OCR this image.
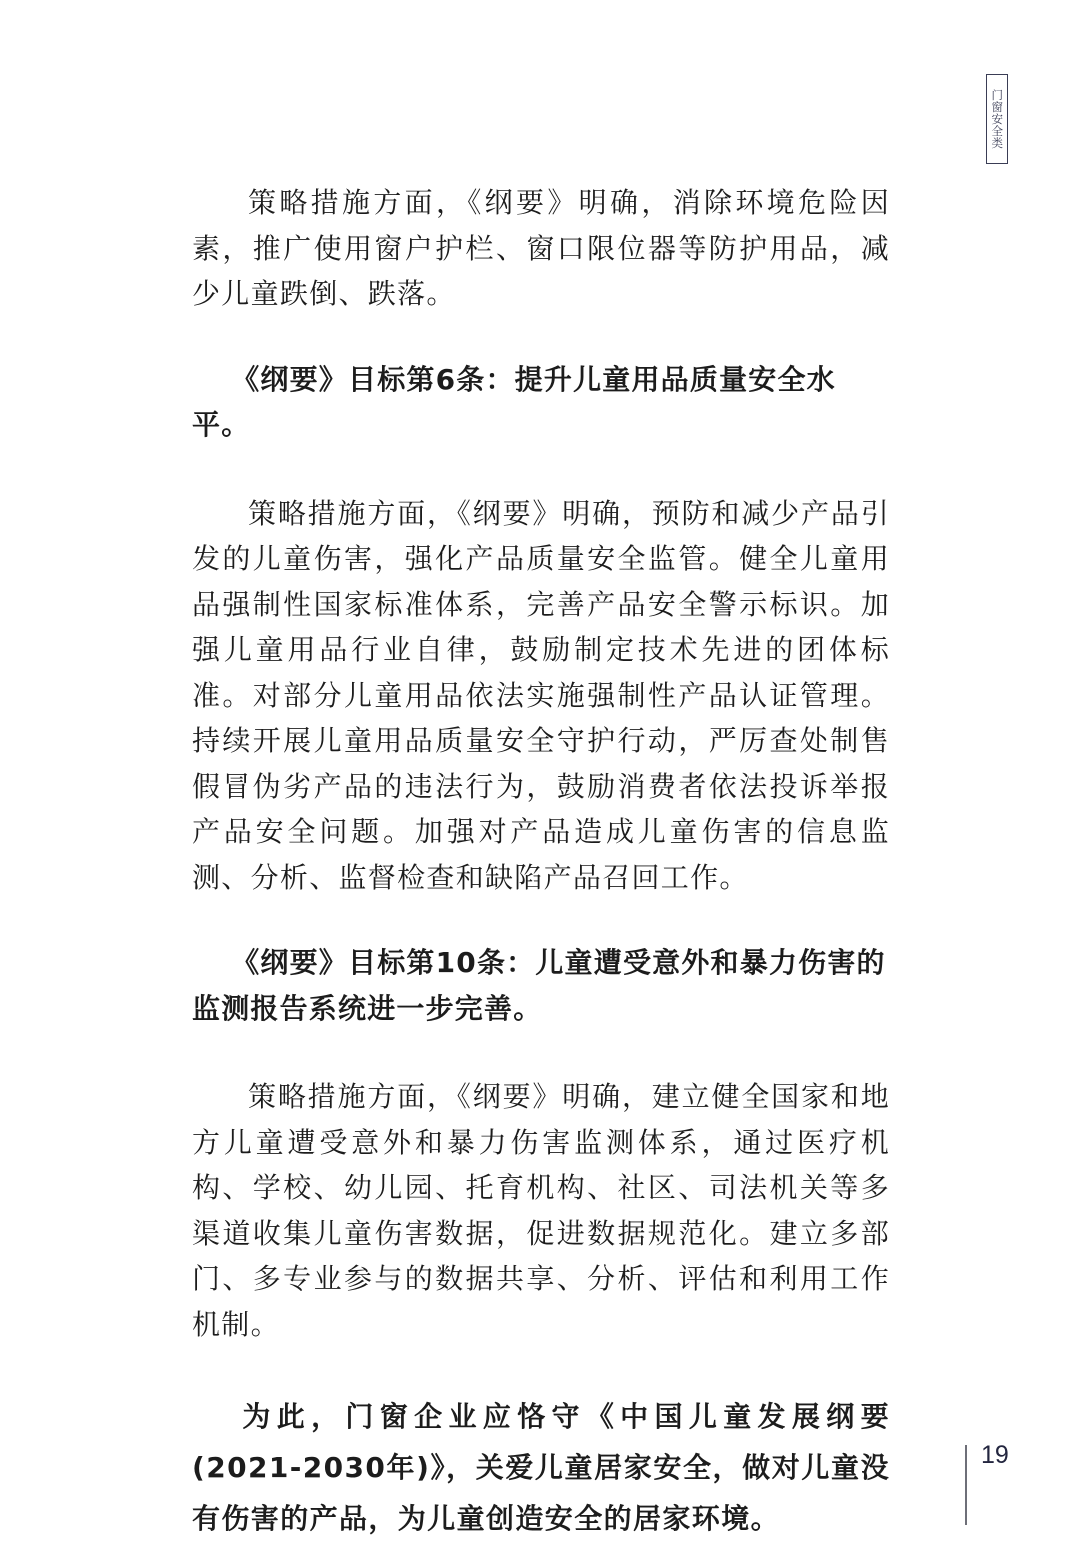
门窗安全类

策略措施方面，《纲要》明确，消除环境危险因素，推广使用窗户护栏、窗口限位器等防护用品，减少儿童跌倒、跌落。

《纲要》目标第6条：提升儿童用品质量安全水平。

策略措施方面，《纲要》明确，预防和减少产品引发的儿童伤害，强化产品质量安全监管。健全儿童用品强制性国家标准体系，完善产品安全警示标识。加强儿童用品行业自律，鼓励制定技术先进的团体标准。对部分儿童用品依法实施强制性产品认证管理。持续开展儿童用品质量安全守护行动，严厉查处制售假冒伪劣产品的违法行为，鼓励消费者依法投诉举报产品安全问题。加强对产品造成儿童伤害的信息监测、分析、监督检查和缺陷产品召回工作。

《纲要》目标第10条：儿童遭受意外和暴力伤害的监测报告系统进一步完善。

策略措施方面，《纲要》明确，建立健全国家和地方儿童遭受意外和暴力伤害监测体系，通过医疗机构、学校、幼儿园、托育机构、社区、司法机关等多渠道收集儿童伤害数据，促进数据规范化。建立多部门、多专业参与的数据共享、分析、评估和利用工作机制。

为此，门窗企业应恪守《中国儿童发展纲要(2021-2030年)》，关爱儿童居家安全，做对儿童没有伤害的产品，为儿童创造安全的居家环境。

19
